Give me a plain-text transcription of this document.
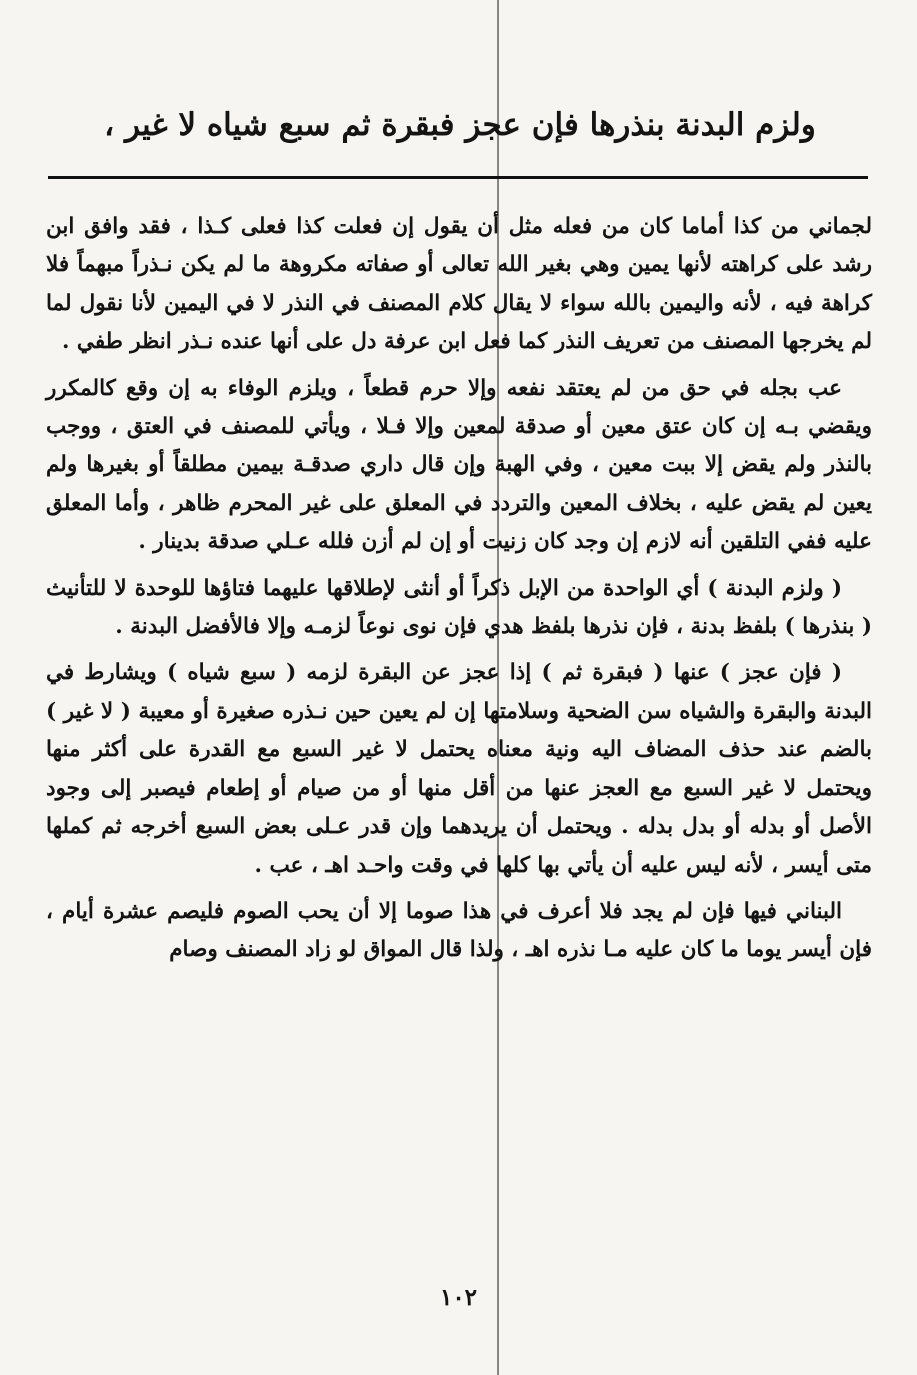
ولزم البدنة بنذرها فإن عجز فبقرة ثم سبع شياه لا غير ،

لجماني من كذا أماما كان من فعله مثل أن يقول إن فعلت كذا فعلى كـذا ، فقد وافق ابن رشد على كراهته لأنها يمين وهي بغير الله تعالى أو صفاته مكروهة ما لم يكن نـذراً مبهماً فلا كراهة فيه ، لأنه واليمين بالله سواء لا يقال كلام المصنف في النذر لا في اليمين لأنا نقول لما لم يخرجها المصنف من تعريف النذر كما فعل ابن عرفة دل على أنها عنده نـذر انظر طفي .

عب بجله في حق من لم يعتقد نفعه وإلا حرم قطعاً ، ويلزم الوفاء به إن وقع كالمكرر ويقضي بـه إن كان عتق معين أو صدقة لمعين وإلا فـلا ، ويأتي للمصنف في العتق ، ووجب بالنذر ولم يقض إلا ببت معين ، وفي الهبة وإن قال داري صدقـة بيمين مطلقاً أو بغيرها ولم يعين لم يقض عليه ، بخلاف المعين والتردد في المعلق على غير المحرم ظاهر ، وأما المعلق عليه ففي التلقين أنه لازم إن وجد كان زنيت أو إن لم أزن فلله عـلي صدقة بدينار .

( ولزم البدنة ) أي الواحدة من الإبل ذكراً أو أنثى لإطلاقها عليهما فتاؤها للوحدة لا للتأنيث ( بنذرها ) بلفظ بدنة ، فإن نذرها بلفظ هدي فإن نوى نوعاً لزمـه وإلا فالأفضل البدنة .

( فإن عجز ) عنها ( فبقرة ثم ) إذا عجز عن البقرة لزمه ( سبع شياه ) ويشارط في البدنة والبقرة والشياه سن الضحية وسلامتها إن لم يعين حين نـذره صغيرة أو معيبة ( لا غير ) بالضم عند حذف المضاف اليه ونية معناه يحتمل لا غير السبع مع القدرة على أكثر منها ويحتمل لا غير السبع مع العجز عنها من أقل منها أو من صيام أو إطعام فيصبر إلى وجود الأصل أو بدله أو بدل بدله . ويحتمل أن يريدهما وإن قدر عـلى بعض السبع أخرجه ثم كملها متى أيسر ، لأنه ليس عليه أن يأتي بها كلها في وقت واحـد اهـ ، عب .

البناني فيها فإن لم يجد فلا أعرف في هذا صوما إلا أن يحب الصوم فليصم عشرة أيام ، فإن أيسر يوما ما كان عليه مـا نذره اهـ ، ولذا قال المواق لو زاد المصنف وصام

١٠٢
